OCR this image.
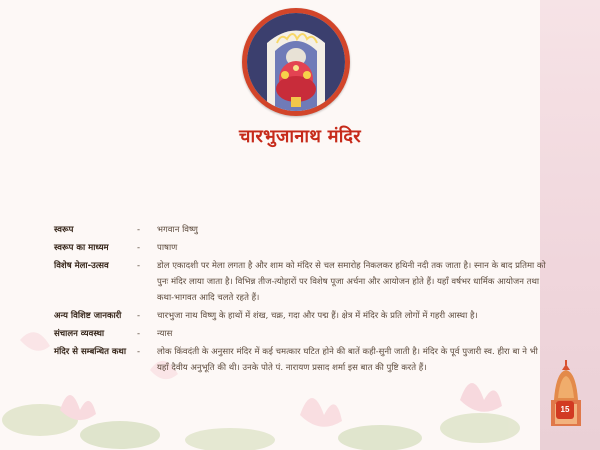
चारभुजानाथ मंदिर
स्वरूप	-	भगवान विष्णु
स्वरूप का माध्यम	-	पाषाण
विशेष मेला-उत्सव	-	डोल एकादशी पर मेला लगता है और शाम को मंदिर से चल समारोह निकलकर हथिनी नदी तक जाता है। स्नान के बाद प्रतिमा को पुनः मंदिर लाया जाता है। विभिन्न तीज-त्योहारों पर विशेष पूजा अर्चना और आयोजन होते हैं। यहाँ वर्षभर धार्मिक आयोजन तथा कथा-भागवत आदि चलते रहते हैं।
अन्य विशिष्ट जानकारी	-	चारभुजा नाथ विष्णु के हाथों में शंख, चक्र, गदा और पद्म हैं। क्षेत्र में मंदिर के प्रति लोगों में गहरी आस्था है।
संचालन व्यवस्था	-	न्यास
मंदिर से सम्बन्धित कथा	-	लोक किंवदंती के अनुसार मंदिर में कई चमत्कार घटित होने की बातें कही-सुनी जाती है। मंदिर के पूर्व पुजारी स्व. हीरा बा ने भी यहाँ दैवीय अनुभूति की थी। उनके पोते पं. नारायण प्रसाद शर्मा इस बात की पुष्टि करते हैं।
15
